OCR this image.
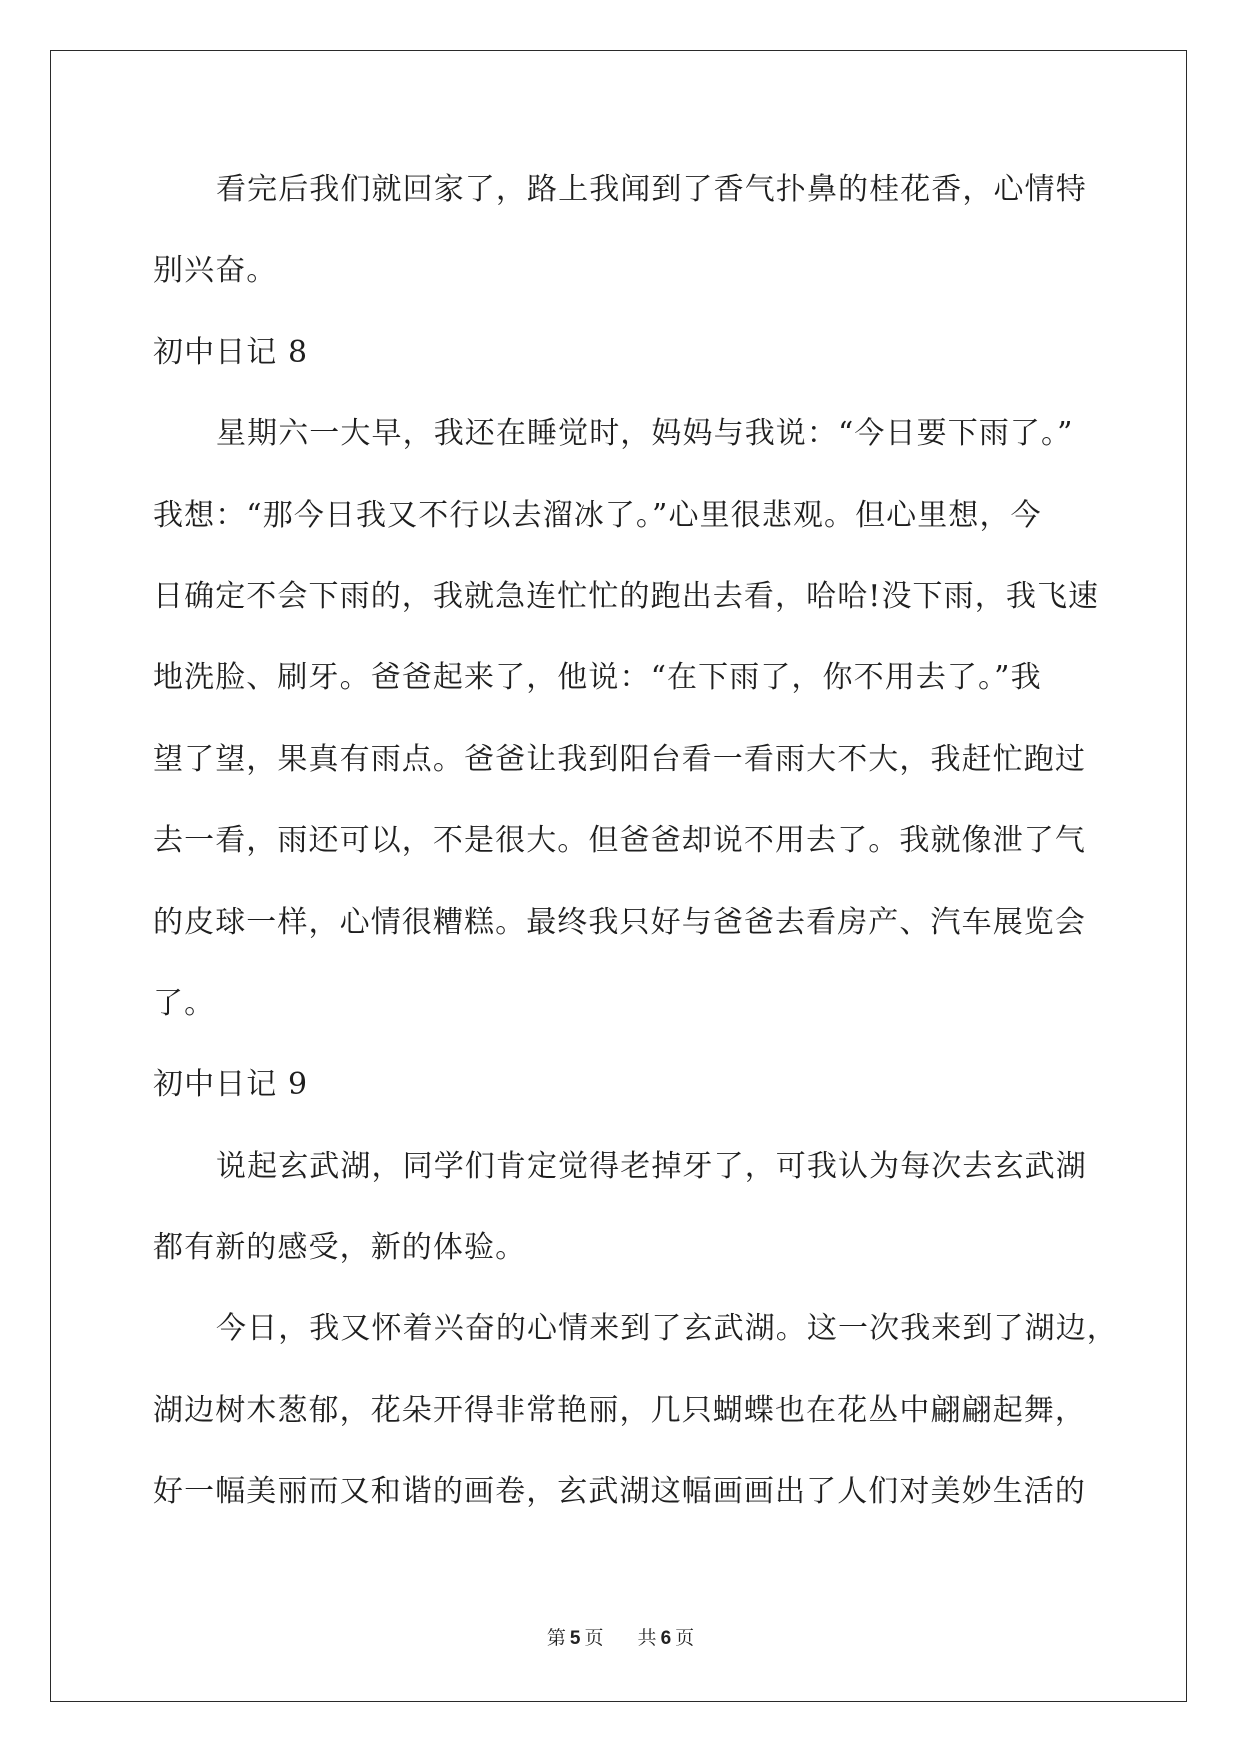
看完后我们就回家了，路上我闻到了香气扑鼻的桂花香，心情特
别兴奋。
初中日记 8
星期六一大早，我还在睡觉时，妈妈与我说：“今日要下雨了。”
我想：“那今日我又不行以去溜冰了。”心里很悲观。但心里想，今
日确定不会下雨的，我就急连忙忙的跑出去看，哈哈!没下雨，我飞速
地洗脸、刷牙。爸爸起来了，他说：“在下雨了，你不用去了。”我
望了望，果真有雨点。爸爸让我到阳台看一看雨大不大，我赶忙跑过
去一看，雨还可以，不是很大。但爸爸却说不用去了。我就像泄了气
的皮球一样，心情很糟糕。最终我只好与爸爸去看房产、汽车展览会
了。
初中日记 9
说起玄武湖，同学们肯定觉得老掉牙了，可我认为每次去玄武湖
都有新的感受，新的体验。
今日，我又怀着兴奋的心情来到了玄武湖。这一次我来到了湖边，
湖边树木葱郁，花朵开得非常艳丽，几只蝴蝶也在花丛中翩翩起舞，
好一幅美丽而又和谐的画卷，玄武湖这幅画画出了人们对美妙生活的
第 5 页 共 6 页
